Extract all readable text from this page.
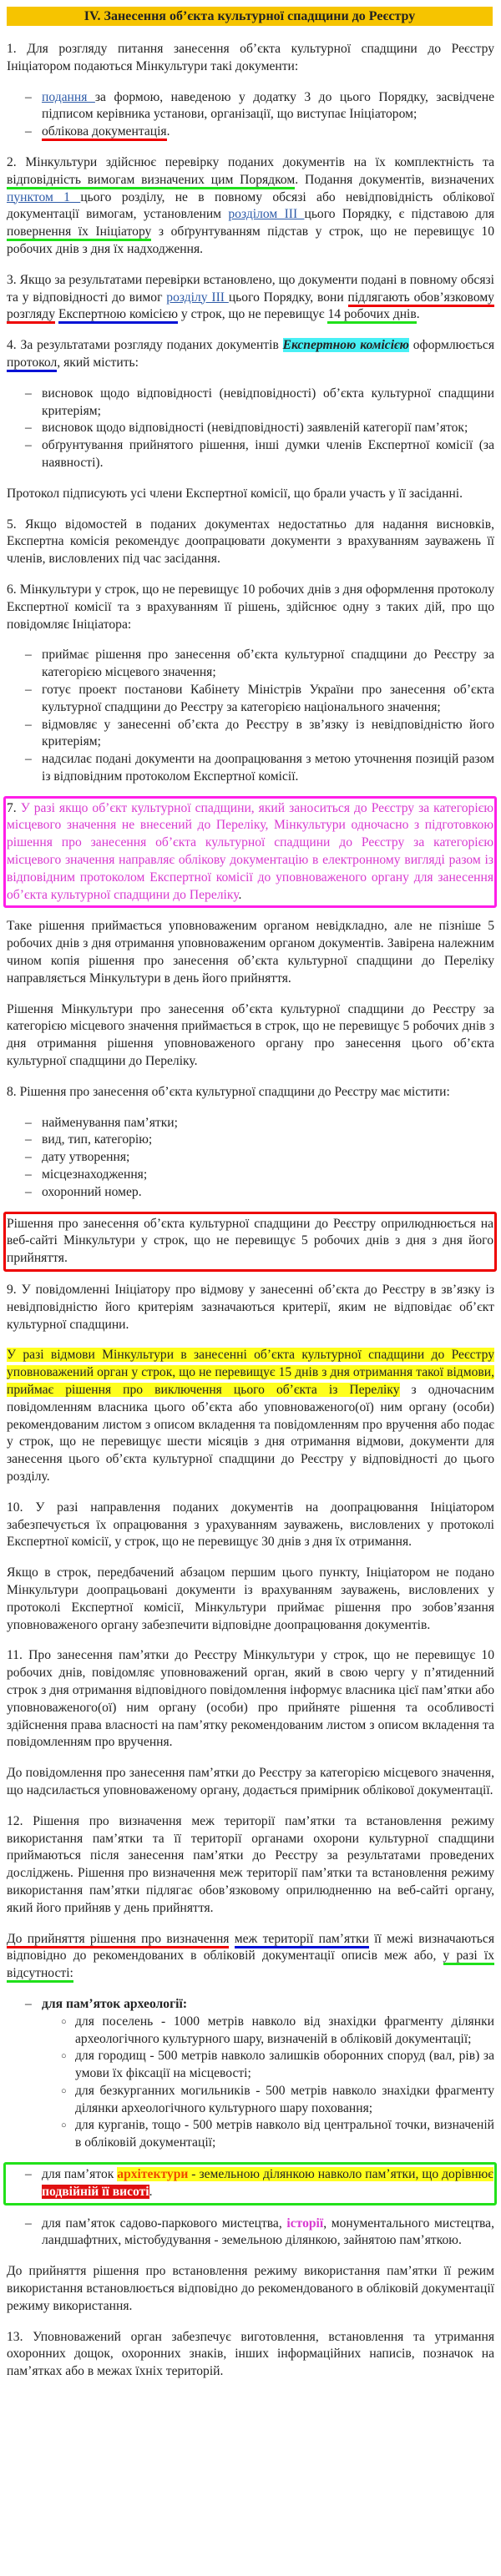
IV. Занесення об’єкта культурної спадщини до Реєстру
1. Для розгляду питання занесення об’єкта культурної спадщини до Реєстру Ініціатором подаються Мінкультури такі документи:
– подання за формою, наведеною у додатку 3 до цього Порядку, засвідчене підписом керівника установи, організації, що виступає Ініціатором;
– облікова документація.
2. Мінкультури здійснює перевірку поданих документів на їх комплектність та відповідність вимогам визначених цим Порядком. Подання документів, визначених пунктом 1 цього розділу, не в повному обсязі або невідповідність облікової документації вимогам, установленим розділом III цього Порядку, є підставою для повернення їх Ініціатору з обґрунтуванням підстав у строк, що не перевищує 10 робочих днів з дня їх надходження.
3. Якщо за результатами перевірки встановлено, що документи подані в повному обсязі та у відповідності до вимог розділу III цього Порядку, вони підлягають обов’язковому розгляду Експертною комісією у строк, що не перевищує 14 робочих днів.
4. За результатами розгляду поданих документів Експертною комісією оформлюється протокол, який містить:
– висновок щодо відповідності (невідповідності) об’єкта культурної спадщини критеріям;
– висновок щодо відповідності (невідповідності) заявленій категорії пам’яток;
– обґрунтування прийнятого рішення, інші думки членів Експертної комісії (за наявності).
Протокол підписують усі члени Експертної комісії, що брали участь у її засіданні.
5. Якщо відомостей в поданих документах недостатньо для надання висновків, Експертна комісія рекомендує доопрацювати документи з врахуванням зауважень її членів, висловлених під час засідання.
6. Мінкультури у строк, що не перевищує 10 робочих днів з дня оформлення протоколу Експертної комісії та з врахуванням її рішень, здійснює одну з таких дій, про що повідомляє Ініціатора:
– приймає рішення про занесення об’єкта культурної спадщини до Реєстру за категорією місцевого значення;
– готує проект постанови Кабінету Міністрів України про занесення об’єкта культурної спадщини до Реєстру за категорією національного значення;
– відмовляє у занесенні об’єкта до Реєстру в зв’язку із невідповідністю його критеріям;
– надсилає подані документи на доопрацювання з метою уточнення позицій разом із відповідним протоколом Експертної комісії.
7. У разі якщо об’єкт культурної спадщини, який заноситься до Реєстру за категорією місцевого значення не внесений до Переліку, Мінкультури одночасно з підготовкою рішення про занесення об’єкта культурної спадщини до Реєстру за категорією місцевого значення направляє облікову документацію в електронному вигляді разом із відповідним протоколом Експертної комісії до уповноваженого органу для занесення об’єкта культурної спадщини до Переліку.
Таке рішення приймається уповноваженим органом невідкладно, але не пізніше 5 робочих днів з дня отримання уповноваженим органом документів. Завірена належним чином копія рішення про занесення об’єкта культурної спадщини до Переліку направляється Мінкультури в день його прийняття.
Рішення Мінкультури про занесення об’єкта культурної спадщини до Реєстру за категорією місцевого значення приймається в строк, що не перевищує 5 робочих днів з дня отримання рішення уповноваженого органу про занесення цього об’єкта культурної спадщини до Переліку.
8. Рішення про занесення об’єкта культурної спадщини до Реєстру має містити:
– найменування пам’ятки;
– вид, тип, категорію;
– дату утворення;
– місцезнаходження;
– охоронний номер.
Рішення про занесення об’єкта культурної спадщини до Реєстру оприлюднюється на веб-сайті Мінкультури у строк, що не перевищує 5 робочих днів з дня з дня його прийняття.
9. У повідомленні Ініціатору про відмову у занесенні об’єкта до Реєстру в зв’язку із невідповідністю його критеріям зазначаються критерії, яким не відповідає об’єкт культурної спадщини.
У разі відмови Мінкультури в занесенні об’єкта культурної спадщини до Реєстру уповноважений орган у строк, що не перевищує 15 днів з дня отримання такої відмови, приймає рішення про виключення цього об’єкта із Переліку з одночасним повідомленням власника цього об’єкта або уповноваженого(ої) ним органу (особи) рекомендованим листом з описом вкладення та повідомленням про вручення або подає у строк, що не перевищує шести місяців з дня отримання відмови, документи для занесення цього об’єкта культурної спадщини до Реєстру у відповідності до цього розділу.
10. У разі направлення поданих документів на доопрацювання Ініціатором забезпечується їх опрацювання з урахуванням зауважень, висловлених у протоколі Експертної комісії, у строк, що не перевищує 30 днів з дня їх отримання.
Якщо в строк, передбачений абзацом першим цього пункту, Ініціатором не подано Мінкультури доопрацьовані документи із врахуванням зауважень, висловлених у протоколі Експертної комісії, Мінкультури приймає рішення про зобов’язання уповноваженого органу забезпечити відповідне доопрацювання документів.
11. Про занесення пам’ятки до Реєстру Мінкультури у строк, що не перевищує 10 робочих днів, повідомляє уповноважений орган, який в свою чергу у п’ятиденний строк з дня отримання відповідного повідомлення інформує власника цієї пам’ятки або уповноваженого(ої) ним органу (особи) про прийняте рішення та особливості здійснення права власності на пам’ятку рекомендованим листом з описом вкладення та повідомленням про вручення.
До повідомлення про занесення пам’ятки до Реєстру за категорією місцевого значення, що надсилається уповноваженому органу, додається примірник облікової документації.
12. Рішення про визначення меж території пам’ятки та встановлення режиму використання пам’ятки та її території органами охорони культурної спадщини приймаються після занесення пам’ятки до Реєстру за результатами проведених досліджень. Рішення про визначення меж території пам’ятки та встановлення режиму використання пам’ятки підлягає обов’язковому оприлюдненню на веб-сайті органу, який його прийняв у день прийняття.
До прийняття рішення про визначення меж території пам’ятки її межі визначаються відповідно до рекомендованих в обліковій документації описів меж або, у разі їх відсутності:
– для пам’яток археології:
○ для поселень - 1000 метрів навколо від знахідки фрагменту ділянки археологічного культурного шару, визначеній в обліковій документації;
○ для городищ - 500 метрів навколо залишків оборонних споруд (вал, рів) за умови їх фіксації на місцевості;
○ для безкурганних могильників - 500 метрів навколо знахідки фрагменту ділянки археологічного культурного шару поховання;
○ для курганів, тощо - 500 метрів навколо від центральної точки, визначеній в обліковій документації;
– для пам’яток архітектури - земельною ділянкою навколо пам’ятки, що дорівнює подвійній її висоті.
– для пам’яток садово-паркового мистецтва, історії, монументального мистецтва, ландшафтних, містобудування - земельною ділянкою, зайнятою пам’яткою.
До прийняття рішення про встановлення режиму використання пам’ятки її режим використання встановлюється відповідно до рекомендованого в обліковій документації режиму використання.
13. Уповноважений орган забезпечує виготовлення, встановлення та утримання охоронних дощок, охоронних знаків, інших інформаційних написів, позначок на пам’ятках або в межах їхніх територій.
